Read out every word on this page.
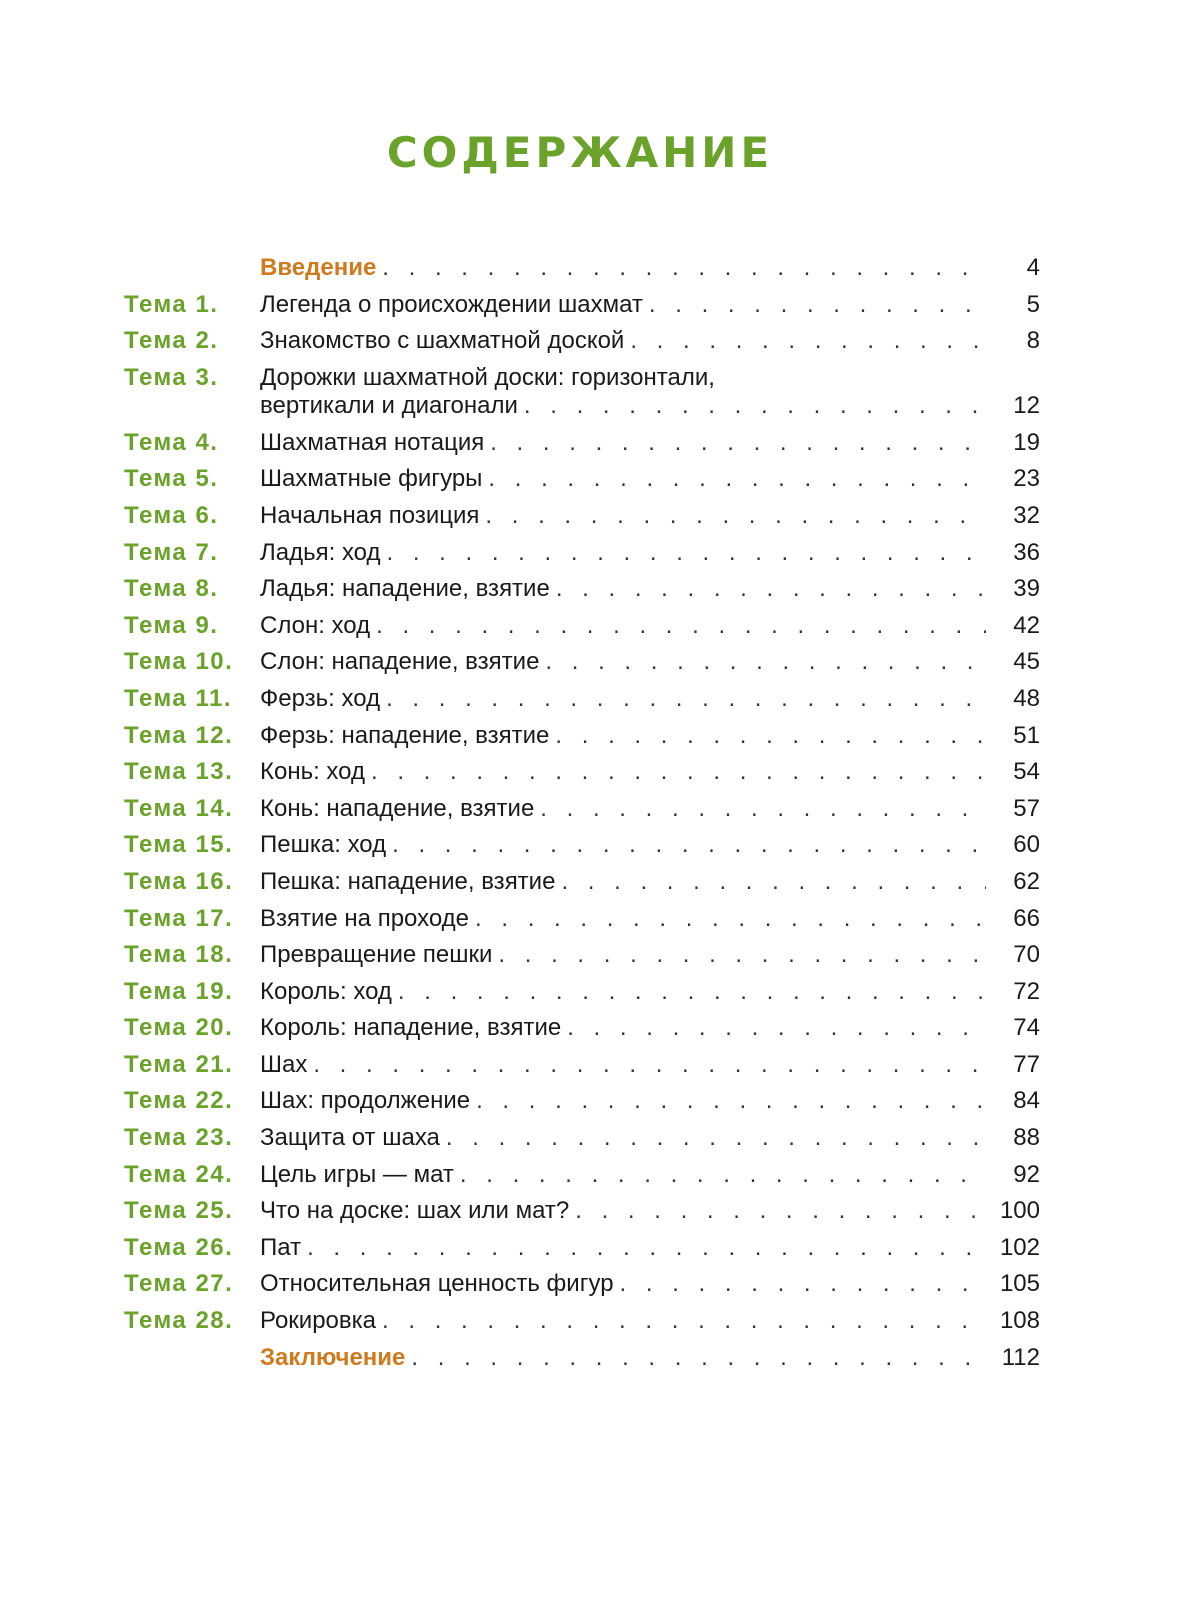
СОДЕРЖАНИЕ
Введение . . .	4
Тема 1. Легенда о происхождении шахмат . . .	5
Тема 2. Знакомство с шахматной доской . . .	8
Тема 3. Дорожки шахматной доски: горизонтали,
вертикали и диагонали . . .	12
Тема 4. Шахматная нотация . . .	19
Тема 5. Шахматные фигуры . . .	23
Тема 6. Начальная позиция . . .	32
Тема 7. Ладья: ход . . .	36
Тема 8. Ладья: нападение, взятие . . .	39
Тема 9. Слон: ход . . .	42
Тема 10. Слон: нападение, взятие . . .	45
Тема 11. Ферзь: ход . . .	48
Тема 12. Ферзь: нападение, взятие . . .	51
Тема 13. Конь: ход . . .	54
Тема 14. Конь: нападение, взятие . . .	57
Тема 15. Пешка: ход . . .	60
Тема 16. Пешка: нападение, взятие . . .	62
Тема 17. Взятие на проходе . . .	66
Тема 18. Превращение пешки . . .	70
Тема 19. Король: ход . . .	72
Тема 20. Король: нападение, взятие . . .	74
Тема 21. Шах . . .	77
Тема 22. Шах: продолжение . . .	84
Тема 23. Защита от шаха . . .	88
Тема 24. Цель игры — мат . . .	92
Тема 25. Что на доске: шах или мат? . . .	100
Тема 26. Пат . . .	102
Тема 27. Относительная ценность фигур . . .	105
Тема 28. Рокировка . . .	108
Заключение . . .	112
